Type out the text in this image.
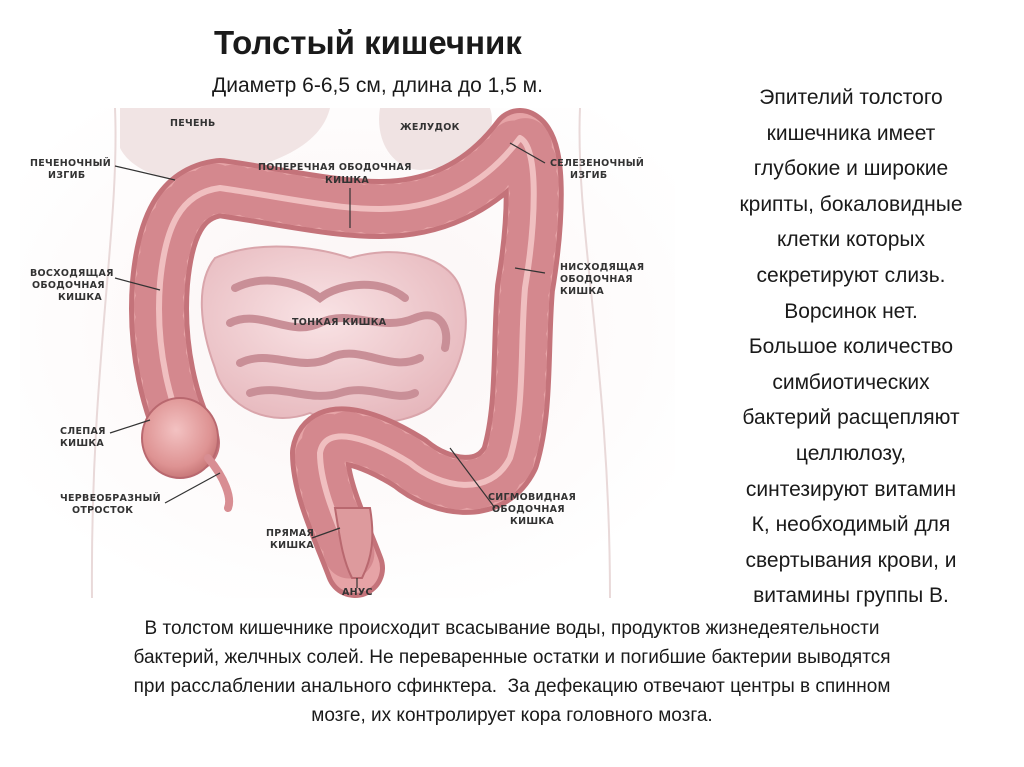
Толстый кишечник
Диаметр 6-6,5 см, длина до 1,5 м.
ПЕЧЕНЬ	ЖЕЛУДОК
ПЕЧЕНОЧНЫЙ
ИЗГИБ
ПОПЕРЕЧНАЯ ОБОДОЧНАЯ
КИШКА
СЕЛЕЗЕНОЧНЫЙ
ИЗГИБ
ВОСХОДЯЩАЯ
ОБОДОЧНАЯ
КИШКА
НИСХОДЯЩАЯ
ОБОДОЧНАЯ
КИШКА
ТОНКАЯ КИШКА
СЛЕПАЯ
КИШКА
ЧЕРВЕОБРАЗНЫЙ
ОТРОСТОК
СИГМОВИДНАЯ
ОБОДОЧНАЯ
КИШКА
ПРЯМАЯ
КИШКА
АНУС
Эпителий толстого
кишечника имеет
глубокие и широкие
крипты, бокаловидные
клетки которых
секретируют слизь.
Ворсинок нет.
Большое количество
симбиотических
бактерий расщепляют
целлюлозу,
синтезируют витамин
К, необходимый для
свертывания крови, и
витамины группы В.
В толстом кишечнике происходит всасывание воды, продуктов жизнедеятельности
бактерий, желчных солей. Не переваренные остатки и погибшие бактерии выводятся
при расслаблении анального сфинктера.  За дефекацию отвечают центры в спинном
мозге, их контролирует кора головного мозга.
